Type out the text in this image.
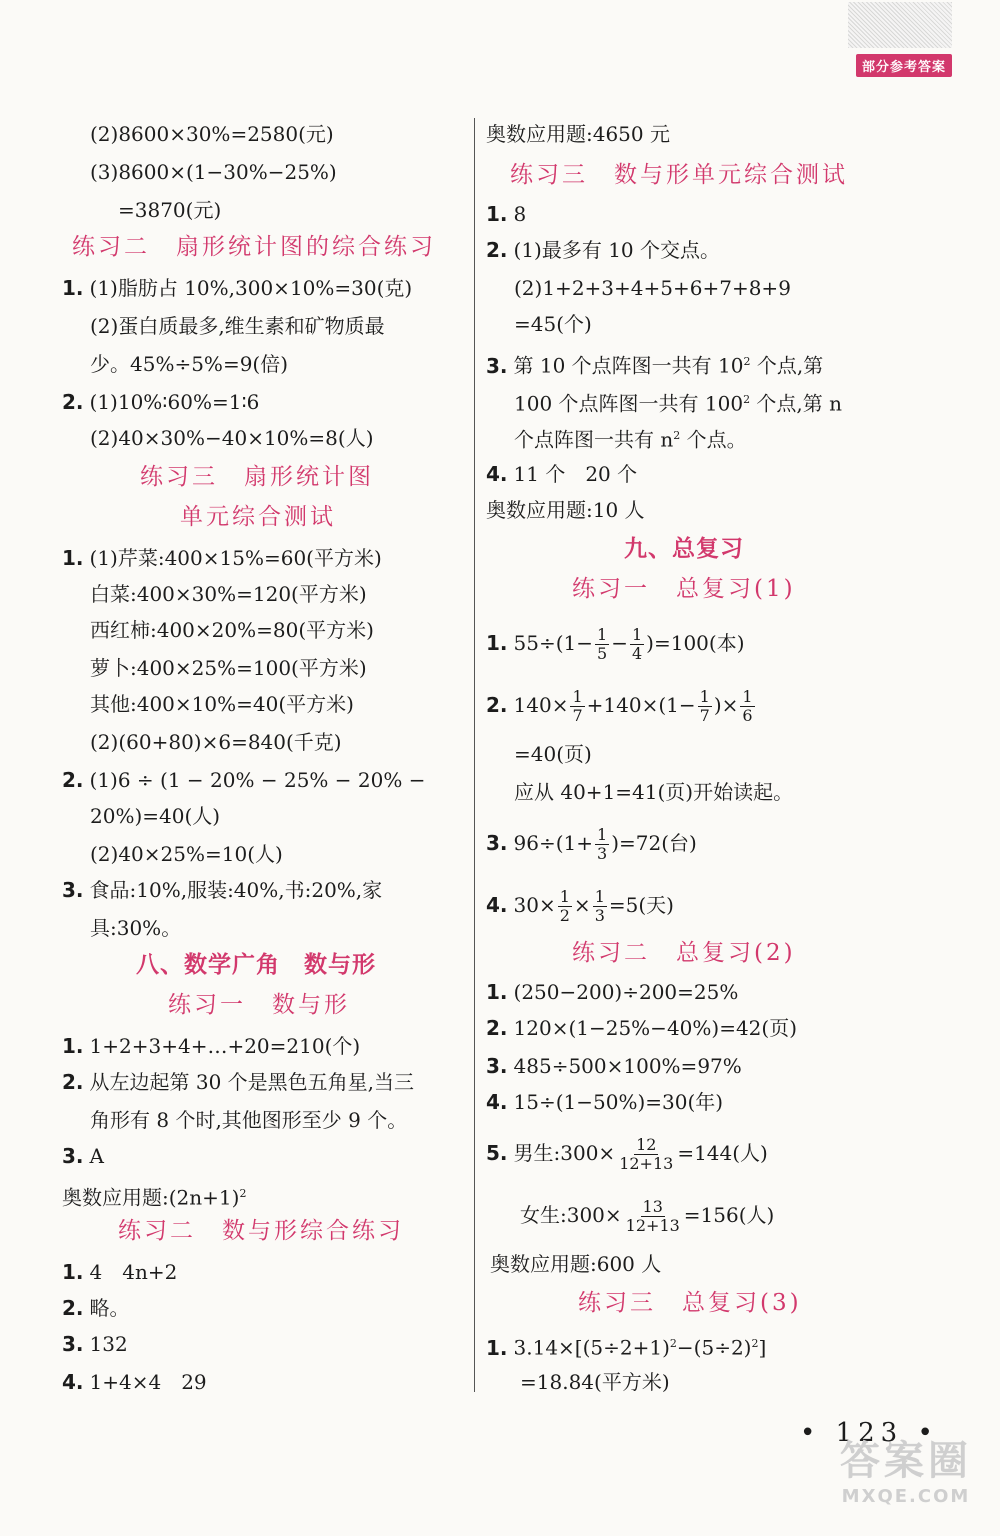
部分参考答案
(2)8600×30%=2580(元)
(3)8600×(1−30%−25%)
=3870(元)
练习二　扇形统计图的综合练习
1. (1)脂肪占 10%,300×10%=30(克)
(2)蛋白质最多,维生素和矿物质最
少。45%÷5%=9(倍)
2. (1)10%∶60%=1∶6
(2)40×30%−40×10%=8(人)
练习三　扇形统计图
单元综合测试
1. (1)芹菜:400×15%=60(平方米)
白菜:400×30%=120(平方米)
西红柿:400×20%=80(平方米)
萝卜:400×25%=100(平方米)
其他:400×10%=40(平方米)
(2)(60+80)×6=840(千克)
2. (1)6 ÷ (1 − 20% − 25% − 20% −
20%)=40(人)
(2)40×25%=10(人)
3. 食品:10%,服装:40%,书:20%,家
具:30%。
八、数学广角　数与形
练习一　数与形
1. 1+2+3+4+…+20=210(个)
2. 从左边起第 30 个是黑色五角星,当三
角形有 8 个时,其他图形至少 9 个。
3. A
奥数应用题$:(2n+1)^2$
练习二　数与形综合练习
1. 4　4n+2
2. 略。
3. 132
4. 1+4×4　29
奥数应用题:4650 元
练习三　数与形单元综合测试
1. 8
2. (1)最多有 10 个交点。
(2)1+2+3+4+5+6+7+8+9
=45(个)
3. 第 10 个点阵图一共有 $10^2$ 个点,第
100 个点阵图一共有 $100^2$ 个点,第 n
个点阵图一共有 $n^2$ 个点。
4. 11 个　20 个
奥数应用题:10 人
九、总复习
练习一　总复习(1)
1. $55\div(1- \frac{1}{5} - \frac{1}{4} )=100$(本)
2. $140\times \frac{1}{7} +140\times(1- \frac{1}{7}$ )× $\frac{1}{6}$
=40(页)
应从 40+1=41(页)开始读起。
3. $96\div(1+ \frac{1}{3} )=72$(台)
4. $30\times \frac{1}{2} \times \frac{1}{3} =5$(天)
练习二　总复习(2)
1. (250−200)÷200=25%
2. 120×(1−25%−40%)=42(页)
3. 485÷500×100%=97%
4. 15÷(1−50%)=30(年)
5. 男生:300× $\frac{12}{12+13} =144$(人)
女生:300× $\frac{13}{12+13} =156$(人)
奥数应用题:600 人
练习三　总复习(3)
1. $3.14\times[(5\div 2+1)^2-(5\div 2)^2]$
=18.84(平方米)
• 123 •
答案圈
MXQE.COM
